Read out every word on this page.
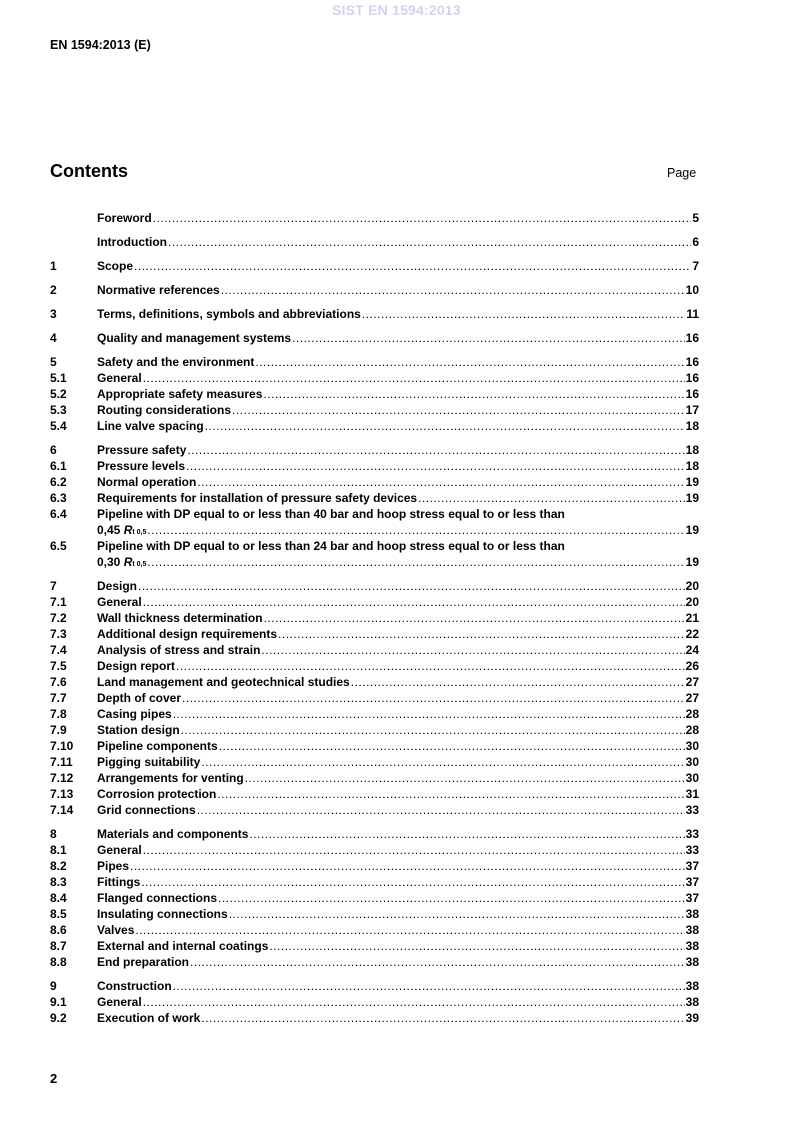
SIST EN 1594:2013
EN 1594:2013 (E)
Contents	Page
Foreword .....	5
Introduction .....	6
1	Scope .....	7
2	Normative references .....	10
3	Terms, definitions, symbols and abbreviations .....	11
4	Quality and management systems .....	16
5	Safety and the environment .....	16
5.1	General .....	16
5.2	Appropriate safety measures .....	16
5.3	Routing considerations .....	17
5.4	Line valve spacing .....	18
6	Pressure safety .....	18
6.1	Pressure levels .....	18
6.2	Normal operation .....	19
6.3	Requirements for installation of pressure safety devices .....	19
6.4	Pipeline with DP equal to or less than 40 bar and hoop stress equal to or less than
0,45 Rt 0,5 .....	19
6.5	Pipeline with DP equal to or less than 24 bar and hoop stress equal to or less than
0,30 Rt 0,5 .....	19
7	Design .....	20
7.1	General .....	20
7.2	Wall thickness determination .....	21
7.3	Additional design requirements .....	22
7.4	Analysis of stress and strain .....	24
7.5	Design report .....	26
7.6	Land management and geotechnical studies .....	27
7.7	Depth of cover .....	27
7.8	Casing pipes .....	28
7.9	Station design .....	28
7.10	Pipeline components .....	30
7.11	Pigging suitability .....	30
7.12	Arrangements for venting .....	30
7.13	Corrosion protection .....	31
7.14	Grid connections .....	33
8	Materials and components .....	33
8.1	General .....	33
8.2	Pipes .....	37
8.3	Fittings .....	37
8.4	Flanged connections .....	37
8.5	Insulating connections .....	38
8.6	Valves .....	38
8.7	External and internal coatings .....	38
8.8	End preparation .....	38
9	Construction .....	38
9.1	General .....	38
9.2	Execution of work .....	39
2
